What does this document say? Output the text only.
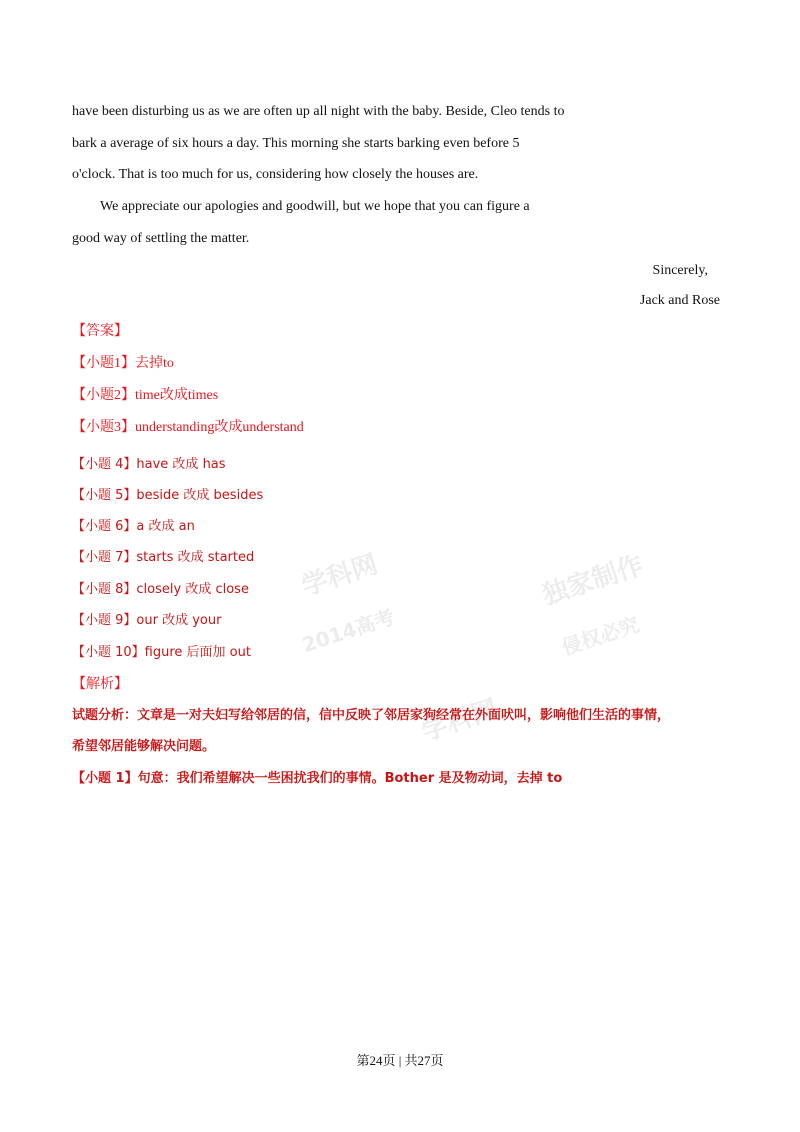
学科网	独家制作
学科网
2014高考	侵权必究
have been disturbing us as we are often up all night with the baby. Beside, Cleo tends to
bark a average of six hours a day. This morning she starts barking even before 5
o'clock. That is too much for us, considering how closely the houses are.
We appreciate our apologies and goodwill, but we hope that you can figure a
good way of settling the matter.
Sincerely,
Jack and Rose
【答案】
【小题1】去掉to
【小题2】time改成times
【小题3】understanding改成understand
【小题 4】have 改成 has
【小题 5】beside 改成 besides
【小题 6】a 改成 an
【小题 7】starts 改成 started
【小题 8】closely 改成 close
【小题 9】our 改成 your
【小题 10】figure 后面加 out
【解析】
试题分析：文章是一对夫妇写给邻居的信，信中反映了邻居家狗经常在外面吠叫，影响他们生活的事情，
希望邻居能够解决问题。
【小题 1】句意：我们希望解决一些困扰我们的事情。Bother 是及物动词，去掉 to
第24页 | 共27页
